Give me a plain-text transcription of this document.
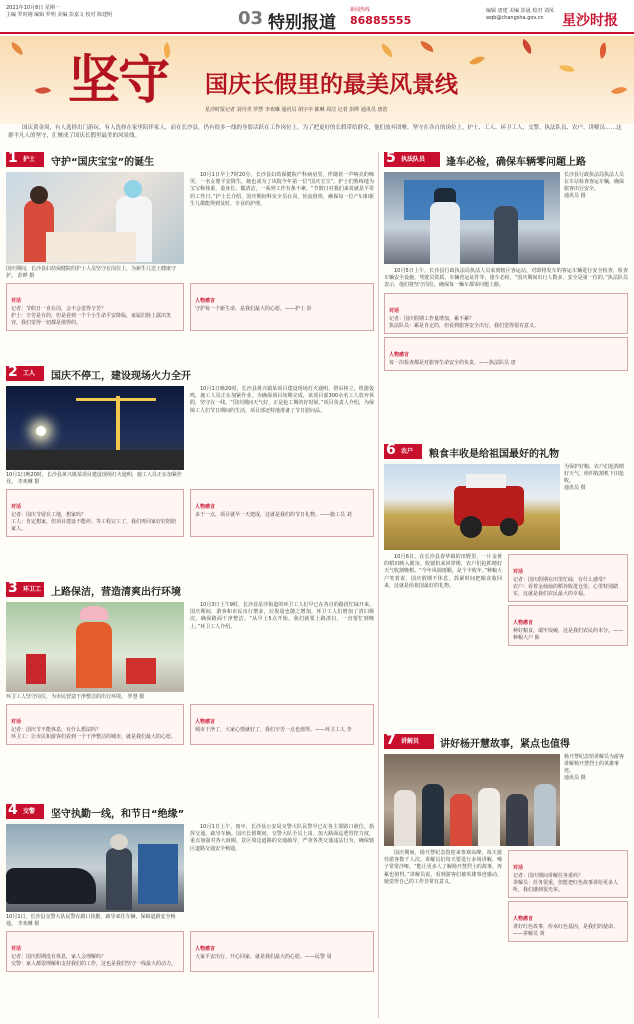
2021年10月8日 星期一
主编 罗时刚 编辑 罗明 美编 彭嘉文 校对 陈建明	03 特别报道
新闻热线
86885555
编辑 唐建 美编 彭晟 校对 刘凤
wqb@changsha.gov.cn	星沙时报
坚守 国庆长假里的最美风景线
星沙时报记者 刘丹青 罗慧 李欢琳 通讯员 胡宇亭 陈琳 周洁 记者 彭晔 通讯员 唐浩
国庆黄金周，有人选择出门游玩，有人选择在家里陪伴家人，而在长沙县，仍有很多一线的身影活跃在工作岗位上。为了把更好的长假带给群众，他们放弃团聚，坚守在各自的岗位上。护士、工人、环卫工人、交警、执法队员、农户、讲解员……这群平凡人的坚守，汇聚成了国庆长假里最美的风景线。
1 护士	守护“国庆宝宝”的诞生
国庆期间，长沙县妇幼保健院的护士人员坚守在岗位上，为新生儿送上健康守护。 彭晔 摄
10月1日早上7时20分，长沙县妇幼保健院产科病房里，伴随着一声响亮的啼哭，一名女婴平安降生，她也成为了该院今年第一位“国庆宝宝”。护士们熟练地为宝宝称体重、量身长、做清洁，一系列工作有条不紊。“节假日对我们来说就是平常的工作日。”护士长介绍，国庆期间科室全员在岗，轮流值班，确保每一位产妇和新生儿都能得到及时、专业的护理。
对话
记者：节假日一直在岗，会不会觉得辛苦？
护士：辛苦是有的，但是看到一个个小生命平安降临，家属们脸上露出笑容，我们觉得一切都是值得的。
人物感言
守护每一个新生命，是我们最大的心愿。——护士 彭
2 工人	国庆不停工，建设现场火力全开
10月1日晚20时，长沙县黄兴镇某项目建设现场灯火通明，施工人员正在加紧作业。 李欢琳 摄
10月1日晚20时，长沙县黄兴镇某项目建设现场灯火通明，塔吊林立，机器轰鸣，施工人员正在加紧作业。为确保项目如期完成，该项目部300余名工人放弃休假，坚守在一线。“国庆期间天气好，正是抢工期的好时候。”项目负责人介绍，为保障工人们节日期间的生活，项目部还特地准备了节日慰问品。
对话
记者：国庆节留在工地，想家吗？
工人：肯定想家，但项目建设不能停。等工程完工了，我们再回家好好陪陪家人。
人物感言
多干一点，项目就早一天建成，这就是我们的节日礼物。——施工员 刘
3 环卫工 上路保洁，营造清爽出行环境
环卫工人坚守岗位，为市民营造干净整洁的出行环境。 罗慧 摄
10月3日上午9时，长沙县星沙街道的环卫工人们早已在各自的路段忙碌开来。国庆期间，游客和市民出行增多，垃圾量也随之增加，环卫工人们增加了清扫频次，确保路面干净整洁。“从早上5点开始，我们就要上路清扫，一直要忙到晚上。”环卫工人介绍。
对话
记者：国庆节不能休息，有什么想法吗？
环卫工：让市民和游客们看到一个干净整洁的城市，就是我们最大的心愿。
人物感言
城市干净了，大家心情就好了，我们辛苦一点也值得。——环卫工人 李
4 交警	坚守执勤一线，和节日“绝缘”
10月1日，长沙县交警大队民警在路口执勤，疏导来往车辆，保障道路安全畅通。 李欢琳 摄
10月1日上午，雨中，长沙县公安局交警大队民警早已在各主要路口就位，指挥交通，疏导车辆。国庆长假期间，交警大队全员上岗，加大路面巡逻管控力度，重点加强对各大商圈、景区周边道路的交通疏导，严查各类交通违法行为，确保辖区道路交通安全畅通。
对话
记者：国庆假期没有休息，家人会理解吗？
交警：家人都很理解和支持我们的工作，这也是我们坚守一线最大的动力。
人物感言
大家平安出行、开心回家，就是我们最大的心愿。——民警 周
5 执法队员	逢车必检，确保车辆零问题上路
长沙县行政执法局执法人员在车站检查客运车辆，确保旅客出行安全。
通讯员 摄
10月5日上午，长沙县行政执法局执法人员来到辖区客运站，对即将发车的客运车辆进行安全检查。检查车辆安全设施、驾驶员资质、车辆营运证件等，逢车必检。“国庆期间出行人数多，安全是第一位的。”执法队员表示，他们将坚守岗位，确保每一辆车都零问题上路。
对话
记者：国庆假期工作量增加，累不累？
执法队员：累是肯定的，但看到旅客安全出行，我们觉得很有意义。
人物感言
每一次检查都是对旅客生命安全的负责。——执法队员 唐
6 农户	粮食丰收是给祖国最好的礼物
为保护好粮，农户们抢抓晴好天气，组织收割机下田抢收。
通讯员 摄
10月6日，在长沙县春华镇的田野里，一片金黄的稻田映入眼帘，收割机来回穿梭，农户们抢抓晴好天气收割晚稻。“今年风调雨顺，是个丰收年。”种粮大户笑着说，国庆假期不休息，抓紧时间把粮食收回来，这就是给祖国最好的礼物。
对话
记者：国庆假期在田里忙碌，有什么感受？
农户：看着金灿灿的稻谷收进仓里，心里特别踏实，这就是我们农民最大的幸福。
人物感言
种好粮食，端牢饭碗，这是我们农民的本分。——种粮大户 陈
7 讲解员	讲好杨开慧故事，紧点也值得
杨开慧纪念馆讲解员为游客讲解杨开慧烈士的英雄事迹。
通讯员 摄
国庆期间，杨开慧纪念馆迎来参观高峰，每天接待游客数千人次。讲解员们每天要进行多场讲解，嗓子常常沙哑。“能让更多人了解杨开慧烈士的故事，再累也值得。”讲解员说，看到游客们被英雄事迹感动，她觉得自己的工作非常有意义。
对话
记者：国庆期间讲解任务重吗？
讲解员：任务很重，但能把红色故事讲给更多人听，我们感到很光荣。
人物感言
讲好红色故事，传承红色基因，是我们的使命。——讲解员 黄
